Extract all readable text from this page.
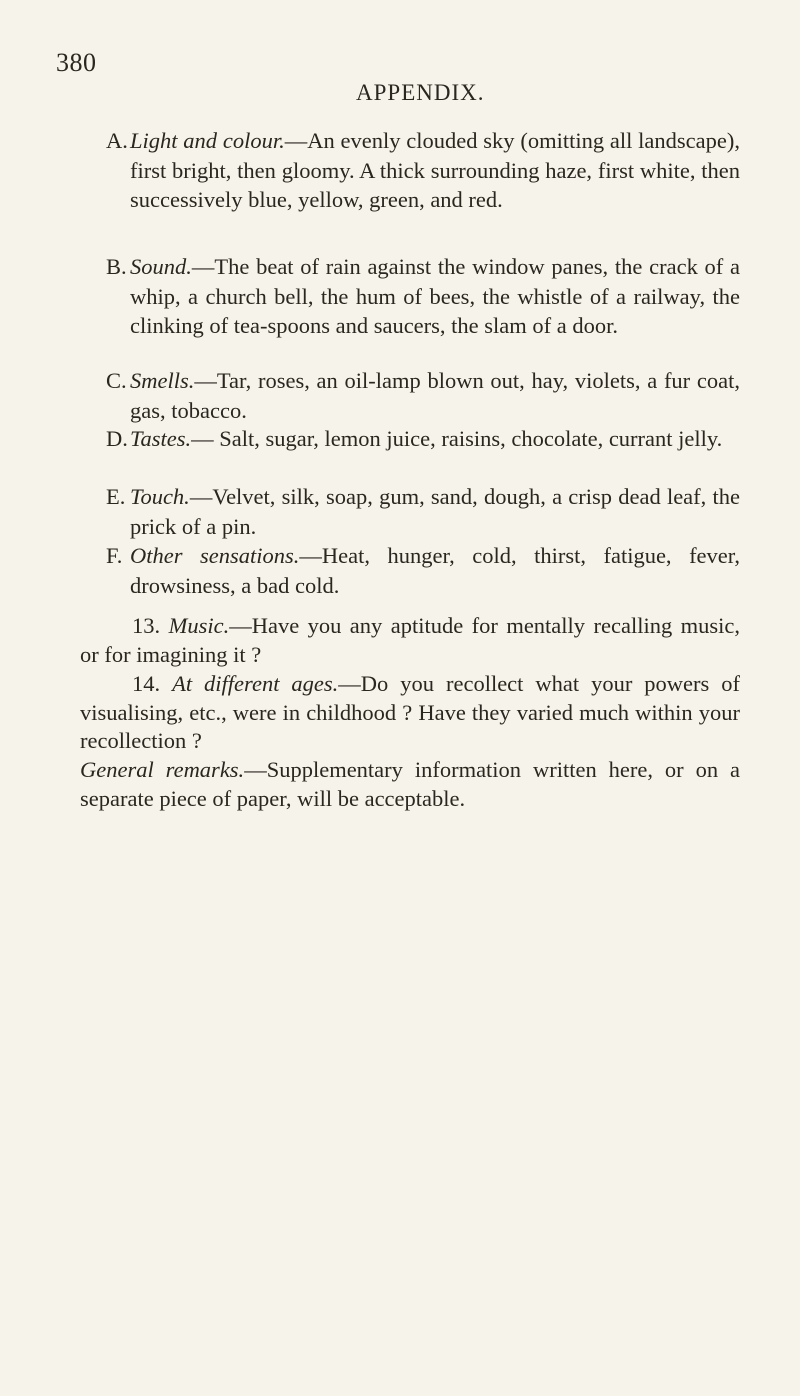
380
APPENDIX.
A. Light and colour.—An evenly clouded sky (omitting all landscape), first bright, then gloomy. A thick surrounding haze, first white, then successively blue, yellow, green, and red.
B. Sound.—The beat of rain against the window panes, the crack of a whip, a church bell, the hum of bees, the whistle of a railway, the clinking of tea-spoons and saucers, the slam of a door.
C. Smells.—Tar, roses, an oil-lamp blown out, hay, violets, a fur coat, gas, tobacco.
D. Tastes.— Salt, sugar, lemon juice, raisins, chocolate, currant jelly.
E. Touch.—Velvet, silk, soap, gum, sand, dough, a crisp dead leaf, the prick of a pin.
F. Other sensations.—Heat, hunger, cold, thirst, fatigue, fever, drowsiness, a bad cold.
13. Music.—Have you any aptitude for mentally recalling music, or for imagining it ?
14. At different ages.—Do you recollect what your powers of visualising, etc., were in childhood ? Have they varied much within your recollection ?
General remarks.—Supplementary information written here, or on a separate piece of paper, will be acceptable.
